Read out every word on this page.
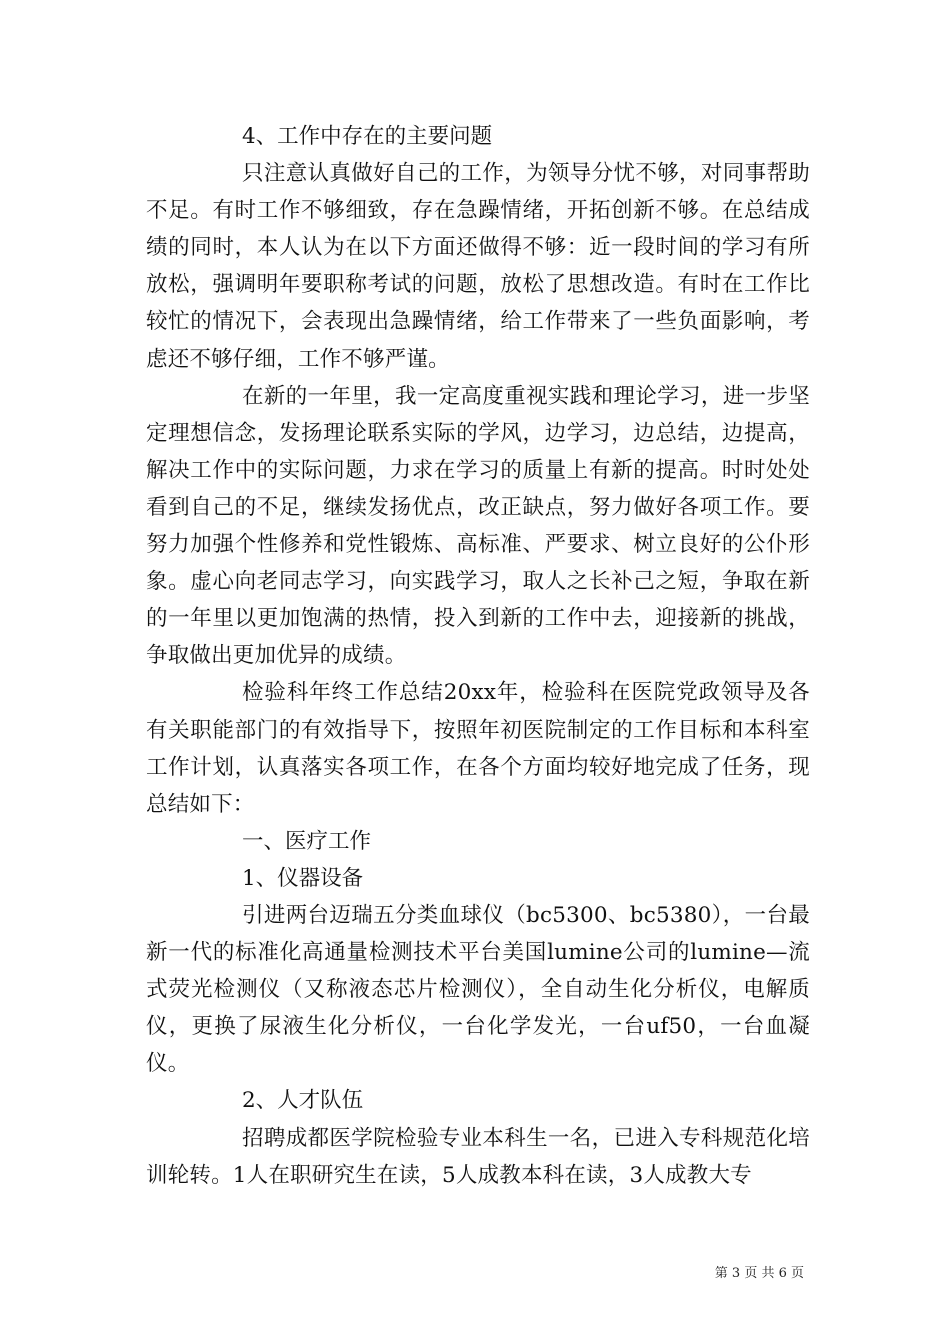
4、工作中存在的主要问题

只注意认真做好自己的工作，为领导分忧不够，对同事帮助不足。有时工作不够细致，存在急躁情绪，开拓创新不够。在总结成绩的同时，本人认为在以下方面还做得不够：近一段时间的学习有所放松，强调明年要职称考试的问题，放松了思想改造。有时在工作比较忙的情况下，会表现出急躁情绪，给工作带来了一些负面影响，考虑还不够仔细，工作不够严谨。

在新的一年里，我一定高度重视实践和理论学习，进一步坚定理想信念，发扬理论联系实际的学风，边学习，边总结，边提高，解决工作中的实际问题，力求在学习的质量上有新的提高。时时处处看到自己的不足，继续发扬优点，改正缺点，努力做好各项工作。要努力加强个性修养和党性锻炼、高标准、严要求、树立良好的公仆形象。虚心向老同志学习，向实践学习，取人之长补己之短，争取在新的一年里以更加饱满的热情，投入到新的工作中去，迎接新的挑战，争取做出更加优异的成绩。

检验科年终工作总结20xx年，检验科在医院党政领导及各有关职能部门的有效指导下，按照年初医院制定的工作目标和本科室工作计划，认真落实各项工作，在各个方面均较好地完成了任务，现总结如下：

一、医疗工作

1、仪器设备

引进两台迈瑞五分类血球仪（bc5300、bc5380），一台最新一代的标准化高通量检测技术平台美国lumine公司的lumine—流式荧光检测仪（又称液态芯片检测仪），全自动生化分析仪，电解质仪，更换了尿液生化分析仪，一台化学发光，一台uf50，一台血凝仪。

2、人才队伍

招聘成都医学院检验专业本科生一名，已进入专科规范化培训轮转。1人在职研究生在读，5人成教本科在读，3人成教大专

第 3 页 共 6 页
